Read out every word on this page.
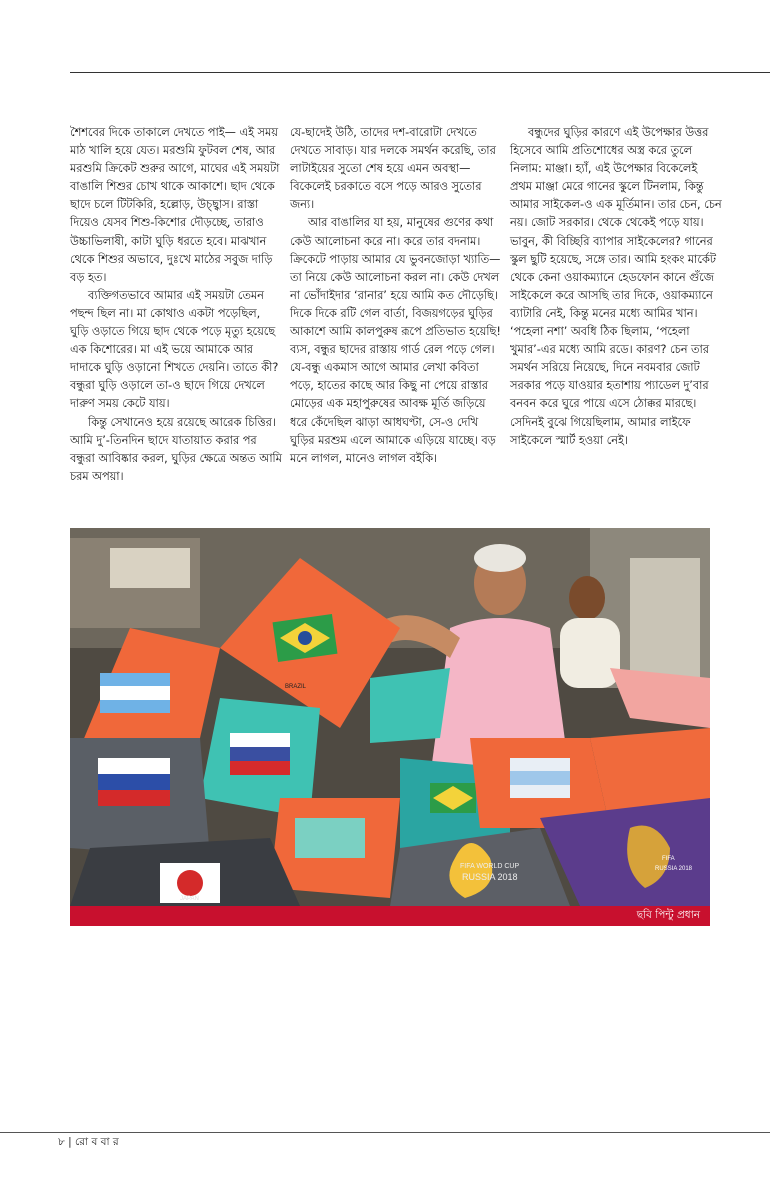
শৈশবের দিকে তাকালে দেখতে পাই— এই সময় মাঠ খালি হয়ে যেত। মরশুমি ফুটবল শেষ, আর মরশুমি ক্রিকেট শুরুর আগে, মাঘের এই সময়টা বাঙালি শিশুর চোখ থাকে আকাশে। ছাদ থেকে ছাদে চলে টিটকিরি, হল্লোড়, উচ্ছ্বাস। রাস্তা দিয়েও যেসব শিশু-কিশোর দৌড়চ্ছে, তারাও উচ্চাভিলাষী, কাটা ঘুড়ি ধরতে হবে। মাঝখান থেকে শিশুর অভাবে, দুঃখে মাঠের সবুজ দাড়ি বড় হত।

ব্যক্তিগতভাবে আমার এই সময়টা তেমন পছন্দ ছিল না। মা কোথাও একটা পড়েছিল, ঘুড়ি ওড়াতে গিয়ে ছাদ থেকে পড়ে মৃত্যু হয়েছে এক কিশোরের। মা এই ভয়ে আমাকে আর দাদাকে ঘুড়ি ওড়ানো শিখতে দেয়নি। তাতে কী? বন্ধুরা ঘুড়ি ওড়ালে তা-ও ছাদে গিয়ে দেখলে দারুণ সময় কেটে যায়।

কিন্তু সেখানেও হয়ে রয়েছে আরেক চিত্তির। আমি দু’-তিনদিন ছাদে যাতায়াত করার পর বন্ধুরা আবিষ্কার করল, ঘুড়ির ক্ষেত্রে অন্তত আমি চরম অপয়া।

যে-ছাদেই উঠি, তাদের দশ-বারোটা দেখতে দেখতে সাবাড়। যার দলকে সমর্থন করেছি, তার লাটাইয়ের সুতো শেষ হয়ে এমন অবস্থা— বিকেলেই চরকাতে বসে পড়ে আরও সুতোর জন্য।

আর বাঙালির যা হয়, মানুষের গুণের কথা কেউ আলোচনা করে না। করে তার বদনাম। ক্রিকেটে পাড়ায় আমার যে ভুবনজোড়া খ্যাতি— তা নিয়ে কেউ আলোচনা করল না। কেউ দেখল না ভোঁদাইদার ‘রানার’ হয়ে আমি কত দৌড়েছি। দিকে দিকে রটি গেল বার্তা, বিজয়গড়ের ঘুড়ির আকাশে আমি কালপুরুষ রূপে প্রতিভাত হয়েছি! ব্যস, বন্ধুর ছাদের রাস্তায় গার্ড রেল পড়ে গেল। যে-বন্ধু একমাস আগে আমার লেখা কবিতা পড়ে, হাতের কাছে আর কিছু না পেয়ে রাস্তার মোড়ের এক মহাপুরুষের আবক্ষ মূর্তি জড়িয়ে ধরে কেঁদেছিল ঝাড়া আধঘণ্টা, সে-ও দেখি ঘুড়ির মরশুম এলে আমাকে এড়িয়ে যাচ্ছে। বড় মনে লাগল, মানেও লাগল বইকি।

বন্ধুদের ঘুড়ির কারণে এই উপেক্ষার উত্তর হিসেবে আমি প্রতিশোধের অস্ত্র করে তুলে নিলাম: মাঞ্জা। হ্যাঁ, এই উপেক্ষার বিকেলেই প্রথম মাঞ্জা মেরে গানের স্কুলে টিনলাম, কিন্তু আমার সাইকেল-ও এক মূর্তিমান। তার চেন, চেন নয়। জোট সরকার। থেকে থেকেই পড়ে যায়। ভাবুন, কী বিচ্ছিরি ব্যাপার সাইকেলের? গানের স্কুল ছুটি হয়েছে, সঙ্গে তার। আমি হংকং মার্কেট থেকে কেনা ওয়াকম্যানে হেডফোন কানে গুঁজে সাইকেলে করে আসছি তার দিকে, ওয়াকম্যানে ব্যাটারি নেই, কিন্তু মনের মধ্যে আমির খান। ‘পহেলা নশা’ অবধি ঠিক ছিলাম, ‘পহেলা খুমার’-এর মধ্যে আমি রডে। কারণ? চেন তার সমর্থন সরিয়ে নিয়েছে, দিনে নবমবার জোট সরকার পড়ে যাওয়ার হতাশায় প্যাডেল দু’বার বনবন করে ঘুরে পায়ে এসে ঠোক্কর মারছে। সেদিনই বুঝে গিয়েছিলাম, আমার লাইফে সাইকেলে স্মার্ট হওয়া নেই।

BRAZIL
JAPAN
FIFA WORLD CUP
RUSSIA 2018
FIFA
RUSSIA 2018
ছবি পিন্টু প্রধান
৮ | রো ব বা র
